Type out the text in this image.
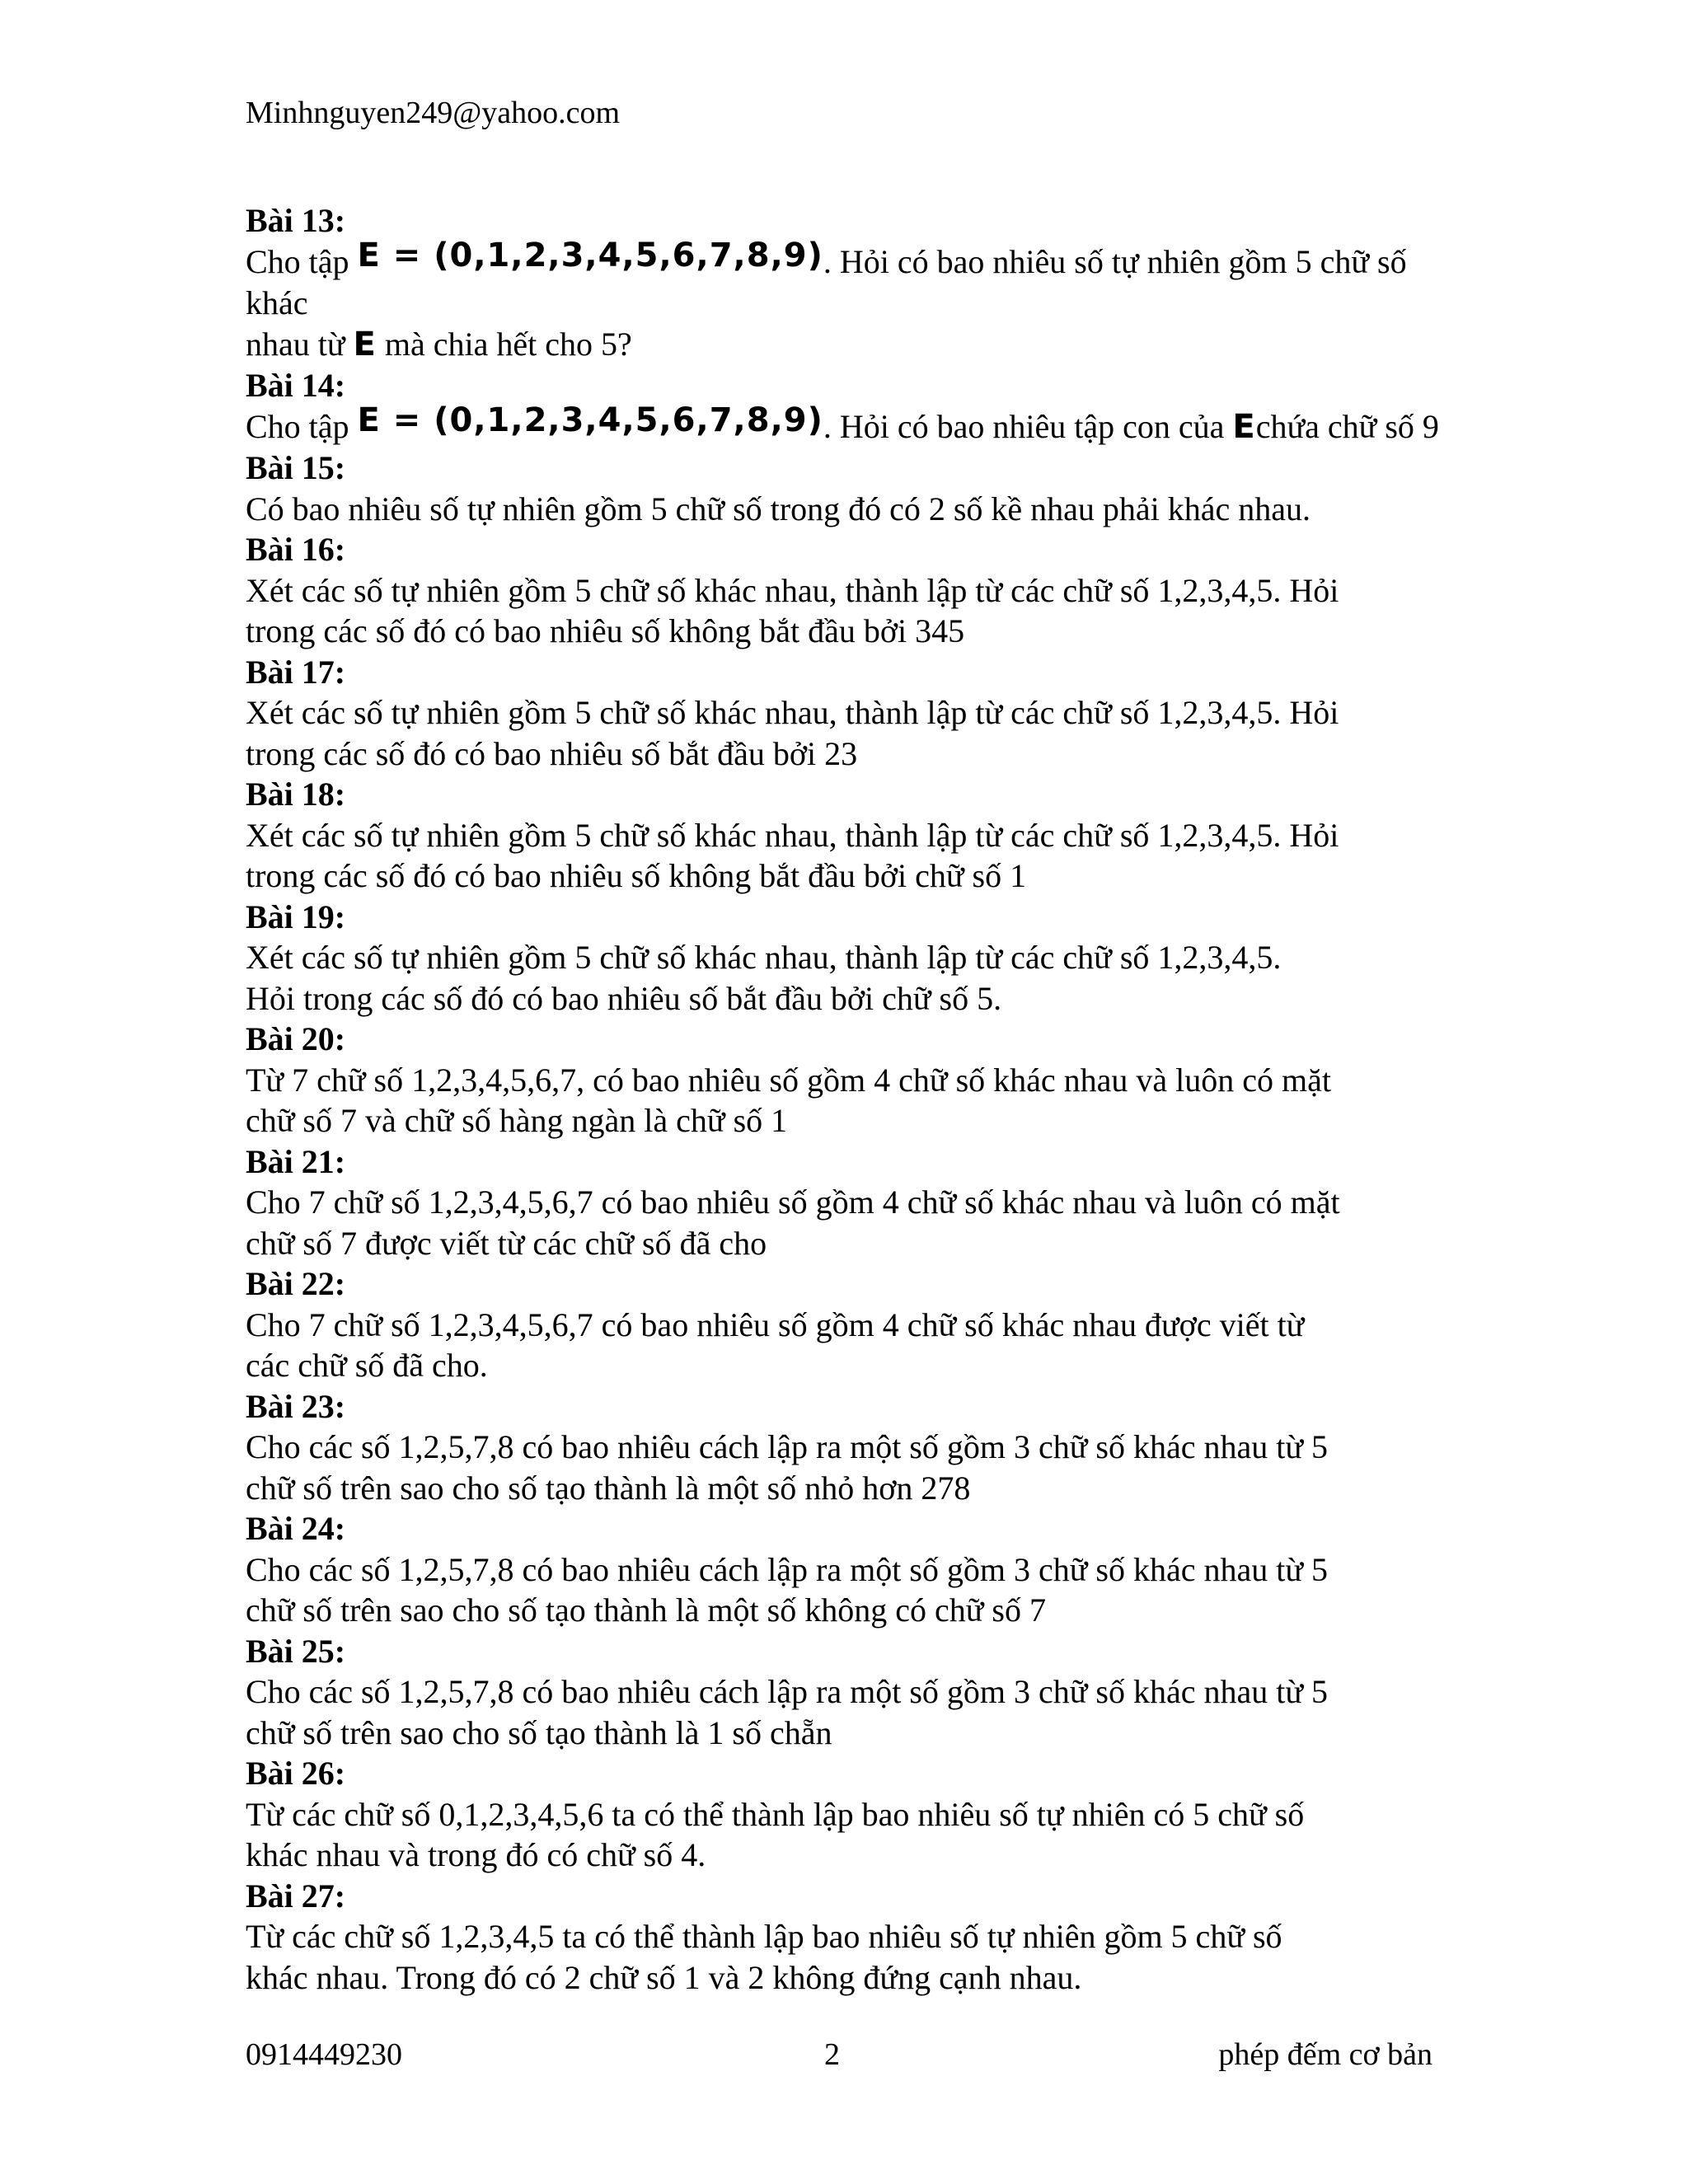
Minhnguyen249@yahoo.com
Bài 13:
Cho tập E = (0,1,2,3,4,5,6,7,8,9). Hỏi có bao nhiêu số tự nhiên gồm 5 chữ số khác
nhau từ E mà chia hết cho 5?
Bài 14:
Cho tập E = (0,1,2,3,4,5,6,7,8,9). Hỏi có bao nhiêu tập con của Echứa chữ số 9
Bài 15:
Có bao nhiêu số tự nhiên gồm 5 chữ số trong đó có 2 số kề nhau phải khác nhau.
Bài 16:
Xét các số tự nhiên gồm 5 chữ số khác nhau, thành lập từ các chữ số 1,2,3,4,5. Hỏi
trong các số đó có bao nhiêu số không bắt đầu bởi 345
Bài 17:
Xét các số tự nhiên gồm 5 chữ số khác nhau, thành lập từ các chữ số 1,2,3,4,5. Hỏi
trong các số đó có bao nhiêu số bắt đầu bởi 23
Bài 18:
Xét các số tự nhiên gồm 5 chữ số khác nhau, thành lập từ các chữ số 1,2,3,4,5. Hỏi
trong các số đó có bao nhiêu số không bắt đầu bởi chữ số 1
Bài 19:
Xét các số tự nhiên gồm 5 chữ số khác nhau, thành lập từ các chữ số 1,2,3,4,5.
Hỏi trong các số đó có bao nhiêu số bắt đầu bởi chữ số 5.
Bài 20:
Từ 7 chữ số 1,2,3,4,5,6,7, có bao nhiêu số gồm 4 chữ số khác nhau và luôn có mặt
chữ số 7 và chữ số hàng ngàn là chữ số 1
Bài 21:
Cho 7 chữ số 1,2,3,4,5,6,7 có bao nhiêu số gồm 4 chữ số khác nhau và luôn có mặt
chữ số 7 được viết từ các chữ số đã cho
Bài 22:
Cho 7 chữ số 1,2,3,4,5,6,7 có bao nhiêu số gồm 4 chữ số khác nhau được viết từ
các chữ số đã cho.
Bài 23:
Cho các số 1,2,5,7,8 có bao nhiêu cách lập ra một số gồm 3 chữ số khác nhau từ 5
chữ số trên sao cho số tạo thành là một số nhỏ hơn 278
Bài 24:
Cho các số 1,2,5,7,8 có bao nhiêu cách lập ra một số gồm 3 chữ số khác nhau từ 5
chữ số trên sao cho số tạo thành là một số không có chữ số 7
Bài 25:
Cho các số 1,2,5,7,8 có bao nhiêu cách lập ra một số gồm 3 chữ số khác nhau từ 5
chữ số trên sao cho số tạo thành là 1 số chẵn
Bài 26:
Từ các chữ số 0,1,2,3,4,5,6 ta có thể thành lập bao nhiêu số tự nhiên có 5 chữ số
khác nhau và trong đó có chữ số 4.
Bài 27:
Từ các chữ số 1,2,3,4,5 ta có thể thành lập bao nhiêu số tự nhiên gồm 5 chữ số
khác nhau. Trong đó có 2 chữ số 1 và 2 không đứng cạnh nhau.
0914449230	2	phép đếm cơ bản
